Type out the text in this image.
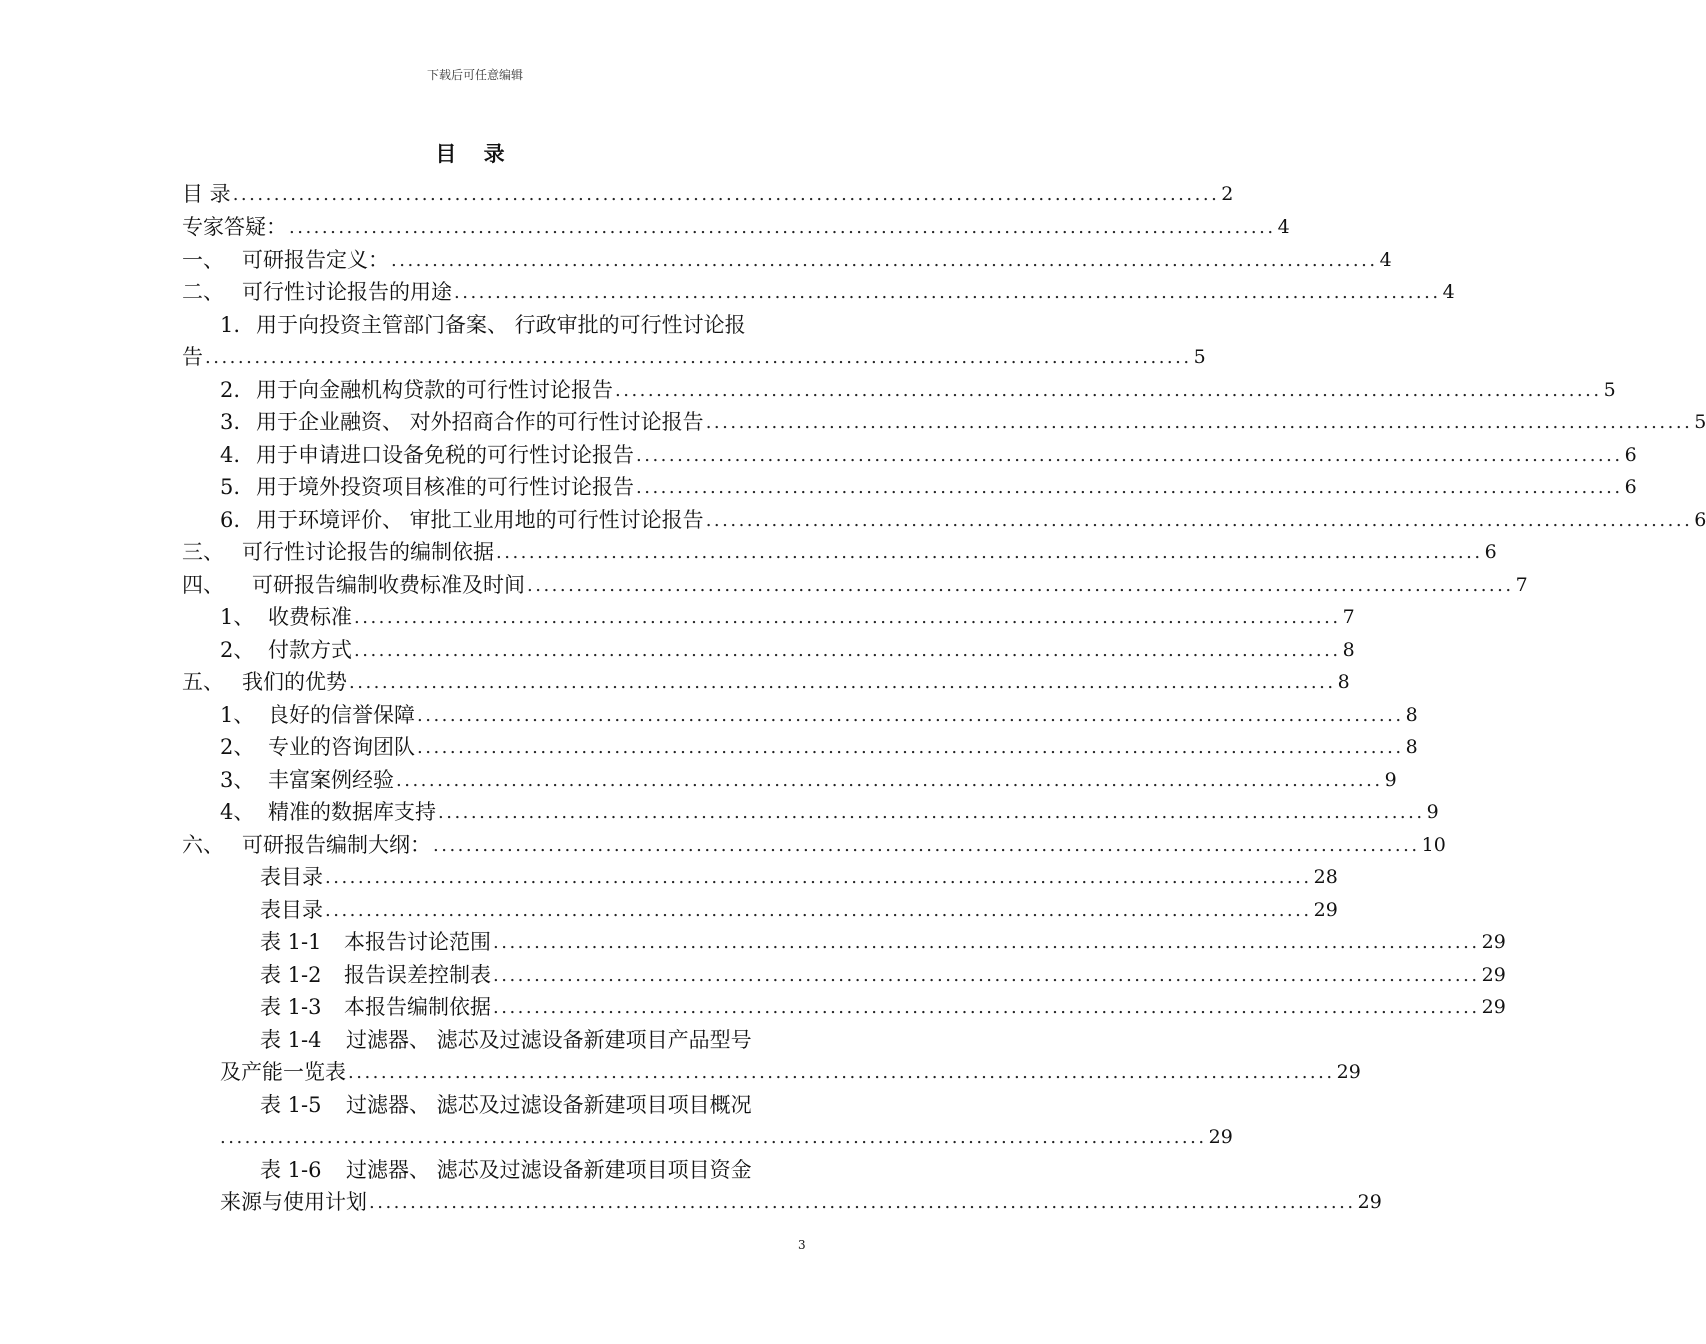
下载后可任意编辑
目 录
目 录 ........................................................................................................................ 2
专家答疑： ........................................................................................................................ 4
一、 可研报告定义： ........................................................................................................................ 4
二、 可行性讨论报告的用途 ........................................................................................................................ 4
1. 用于向投资主管部门备案、 行政审批的可行性讨论报
告 ........................................................................................................................ 5
2. 用于向金融机构贷款的可行性讨论报告 ........................................................................................................................ 5
3. 用于企业融资、 对外招商合作的可行性讨论报告 ........................................................................................................................ 5
4. 用于申请进口设备免税的可行性讨论报告 ........................................................................................................................ 6
5. 用于境外投资项目核准的可行性讨论报告 ........................................................................................................................ 6
6. 用于环境评价、 审批工业用地的可行性讨论报告 ........................................................................................................................ 6
三、 可行性讨论报告的编制依据 ........................................................................................................................ 6
四、 可研报告编制收费标准及时间 ........................................................................................................................ 7
1、 收费标准 ........................................................................................................................ 7
2、 付款方式 ........................................................................................................................ 8
五、 我们的优势 ........................................................................................................................ 8
1、 良好的信誉保障 ........................................................................................................................ 8
2、 专业的咨询团队 ........................................................................................................................ 8
3、 丰富案例经验 ........................................................................................................................ 9
4、 精准的数据库支持 ........................................................................................................................ 9
六、 可研报告编制大纲： ........................................................................................................................ 10
表目录 ........................................................................................................................ 28
表目录 ........................................................................................................................ 29
表 1-1 本报告讨论范围 ........................................................................................................................ 29
表 1-2 报告误差控制表 ........................................................................................................................ 29
表 1-3 本报告编制依据 ........................................................................................................................ 29
表 1-4 过滤器、 滤芯及过滤设备新建项目产品型号
及产能一览表 ........................................................................................................................ 29
表 1-5 过滤器、 滤芯及过滤设备新建项目项目概况
........................................................................................................................ 29
表 1-6 过滤器、 滤芯及过滤设备新建项目项目资金
来源与使用计划 ........................................................................................................................ 29
3
